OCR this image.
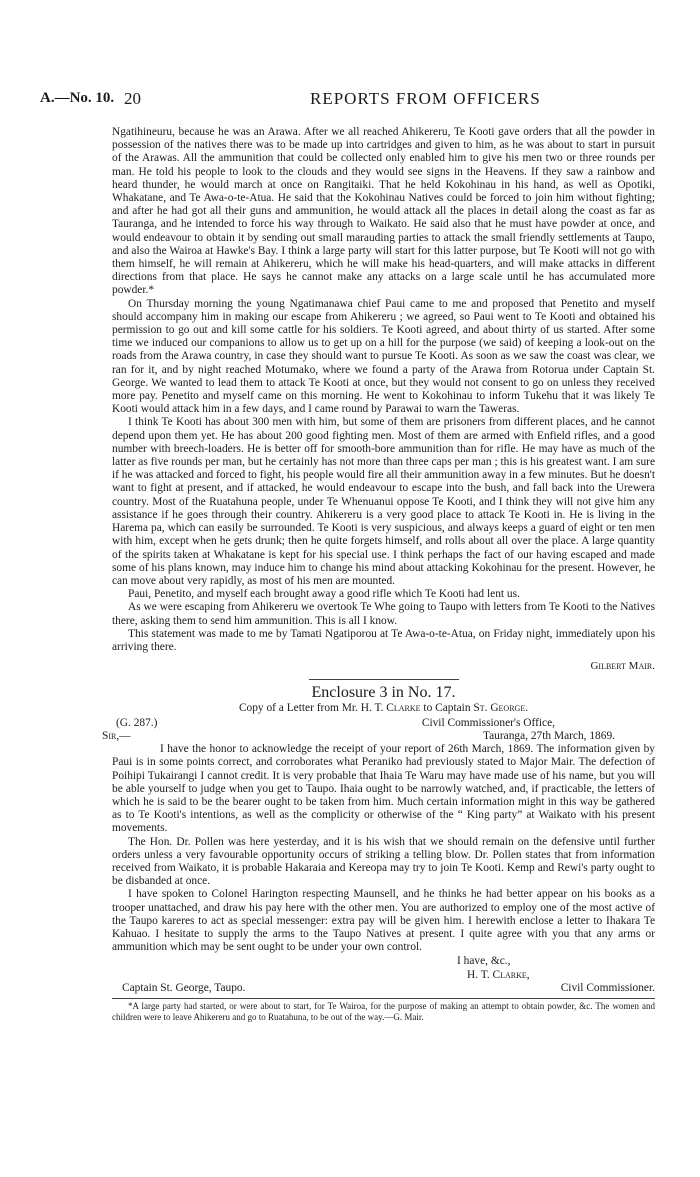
A.—No. 10. 20	REPORTS FROM OFFICERS

Ngatihineuru, because he was an Arawa. After we all reached Ahikereru, Te Kooti gave orders that all the powder in possession of the natives there was to be made up into cartridges and given to him, as he was about to start in pursuit of the Arawas. All the ammunition that could be collected only enabled him to give his men two or three rounds per man. He told his people to look to the clouds and they would see signs in the Heavens. If they saw a rainbow and heard thunder, he would march at once on Rangitaiki. That he held Kokohinau in his hand, as well as Opotiki, Whakatane, and Te Awa-o-te-Atua. He said that the Kokohinau Natives could be forced to join him without fighting; and after he had got all their guns and ammunition, he would attack all the places in detail along the coast as far as Tauranga, and he intended to force his way through to Waikato. He said also that he must have powder at once, and would endeavour to obtain it by sending out small marauding parties to attack the small friendly settlements at Taupo, and also the Wairoa at Hawke's Bay. I think a large party will start for this latter purpose, but Te Kooti will not go with them himself, he will remain at Ahikereru, which he will make his head-quarters, and will make attacks in different directions from that place. He says he cannot make any attacks on a large scale until he has accumulated more powder.*

On Thursday morning the young Ngatimanawa chief Paui came to me and proposed that Penetito and myself should accompany him in making our escape from Ahikereru ; we agreed, so Paui went to Te Kooti and obtained his permission to go out and kill some cattle for his soldiers. Te Kooti agreed, and about thirty of us started. After some time we induced our companions to allow us to get up on a hill for the purpose (we said) of keeping a look-out on the roads from the Arawa country, in case they should want to pursue Te Kooti. As soon as we saw the coast was clear, we ran for it, and by night reached Motumako, where we found a party of the Arawa from Rotorua under Captain St. George. We wanted to lead them to attack Te Kooti at once, but they would not consent to go on unless they received more pay. Penetito and myself came on this morning. He went to Kokohinau to inform Tukehu that it was likely Te Kooti would attack him in a few days, and I came round by Parawai to warn the Taweras.

I think Te Kooti has about 300 men with him, but some of them are prisoners from different places, and he cannot depend upon them yet. He has about 200 good fighting men. Most of them are armed with Enfield rifles, and a good number with breech-loaders. He is better off for smooth-bore ammunition than for rifle. He may have as much of the latter as five rounds per man, but he certainly has not more than three caps per man ; this is his greatest want. I am sure if he was attacked and forced to fight, his people would fire all their ammunition away in a few minutes. But he doesn't want to fight at present, and if attacked, he would endeavour to escape into the bush, and fall back into the Urewera country. Most of the Ruatahuna people, under Te Whenuanui oppose Te Kooti, and I think they will not give him any assistance if he goes through their country. Ahikereru is a very good place to attack Te Kooti in. He is living in the Harema pa, which can easily be surrounded. Te Kooti is very suspicious, and always keeps a guard of eight or ten men with him, except when he gets drunk; then he quite forgets himself, and rolls about all over the place. A large quantity of the spirits taken at Whakatane is kept for his special use. I think perhaps the fact of our having escaped and made some of his plans known, may induce him to change his mind about attacking Kokohinau for the present. However, he can move about very rapidly, as most of his men are mounted.

Paui, Penetito, and myself each brought away a good rifle which Te Kooti had lent us.

As we were escaping from Ahikereru we overtook Te Whe going to Taupo with letters from Te Kooti to the Natives there, asking them to send him ammunition. This is all I know.

This statement was made to me by Tamati Ngatiporou at Te Awa-o-te-Atua, on Friday night, immediately upon his arriving there.

Gilbert Mair.
Enclosure 3 in No. 17.
Copy of a Letter from Mr. H. T. Clarke to Captain St. George.
(G. 287.)	Civil Commissioner's Office,
Sir,—	Tauranga, 27th March, 1869.

I have the honor to acknowledge the receipt of your report of 26th March, 1869. The information given by Paui is in some points correct, and corroborates what Peraniko had previously stated to Major Mair. The defection of Poihipi Tukairangi I cannot credit. It is very probable that Ihaia Te Waru may have made use of his name, but you will be able yourself to judge when you get to Taupo. Ihaia ought to be narrowly watched, and, if practicable, the letters of which he is said to be the bearer ought to be taken from him. Much certain information might in this way be gathered as to Te Kooti's intentions, as well as the complicity or otherwise of the “ King party” at Waikato with his present movements.

The Hon. Dr. Pollen was here yesterday, and it is his wish that we should remain on the defensive until further orders unless a very favourable opportunity occurs of striking a telling blow. Dr. Pollen states that from information received from Waikato, it is probable Hakaraia and Kereopa may try to join Te Kooti. Kemp and Rewi's party ought to be disbanded at once.

I have spoken to Colonel Harington respecting Maunsell, and he thinks he had better appear on his books as a trooper unattached, and draw his pay here with the other men. You are authorized to employ one of the most active of the Taupo kareres to act as special messenger: extra pay will be given him. I herewith enclose a letter to Ihakara Te Kahuao. I hesitate to supply the arms to the Taupo Natives at present. I quite agree with you that any arms or ammunition which may be sent ought to be under your own control.

I have, &c.,
H. T. Clarke,
Captain St. George, Taupo.	Civil Commissioner.

*A large party had started, or were about to start, for Te Wairoa, for the purpose of making an attempt to obtain powder, &c. The women and children were to leave Ahikereru and go to Ruatahuna, to be out of the way.—G. Mair.
